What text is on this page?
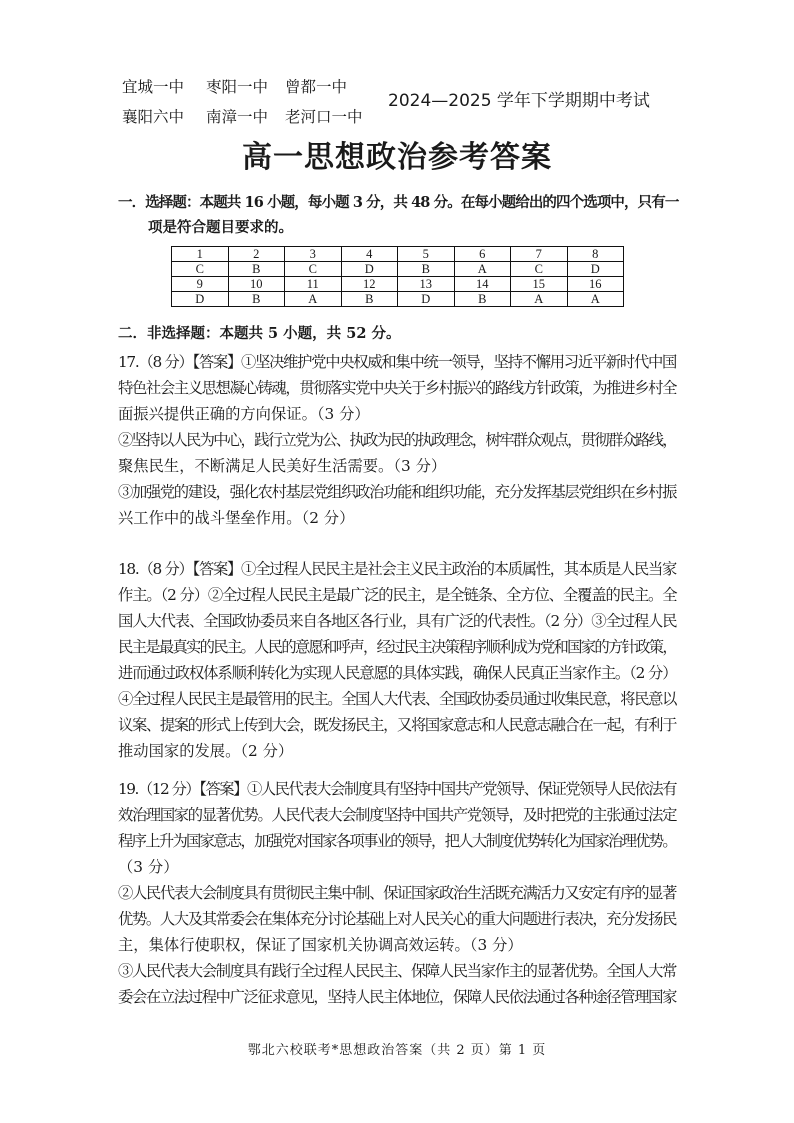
宜城一中 枣阳一中 曾都一中
襄阳六中 南漳一中 老河口一中
2024—2025 学年下学期期中考试
高一思想政治参考答案
一．选择题：本题共 16 小题，每小题 3 分，共 48 分。在每小题给出的四个选项中，只有一
项是符合题目要求的。
1	2	3	4	5	6	7	8
C	B	C	D	B	A	C	D
9	10	11	12	13	14	15	16
D	B	A	B	D	B	A	A
二．非选择题：本题共 5 小题，共 52 分。
17.（8 分）【答案】①坚决维护党中央权威和集中统一领导，坚持不懈用习近平新时代中国
特色社会主义思想凝心铸魂，贯彻落实党中央关于乡村振兴的路线方针政策，为推进乡村全
面振兴提供正确的方向保证。（3 分）
②坚持以人民为中心，践行立党为公、执政为民的执政理念，树牢群众观点，贯彻群众路线，
聚焦民生，不断满足人民美好生活需要。（3 分）
③加强党的建设，强化农村基层党组织政治功能和组织功能，充分发挥基层党组织在乡村振
兴工作中的战斗堡垒作用。（2 分）
18.（8 分）【答案】①全过程人民民主是社会主义民主政治的本质属性，其本质是人民当家
作主。（2 分）②全过程人民民主是最广泛的民主，是全链条、全方位、全覆盖的民主。全
国人大代表、全国政协委员来自各地区各行业，具有广泛的代表性。（2 分）③全过程人民
民主是最真实的民主。人民的意愿和呼声，经过民主决策程序顺利成为党和国家的方针政策，
进而通过政权体系顺利转化为实现人民意愿的具体实践，确保人民真正当家作主。（2 分）
④全过程人民民主是最管用的民主。全国人大代表、全国政协委员通过收集民意，将民意以
议案、提案的形式上传到大会，既发扬民主，又将国家意志和人民意志融合在一起，有利于
推动国家的发展。（2 分）
19.（12 分）【答案】①人民代表大会制度具有坚持中国共产党领导、保证党领导人民依法有
效治理国家的显著优势。人民代表大会制度坚持中国共产党领导，及时把党的主张通过法定
程序上升为国家意志，加强党对国家各项事业的领导，把人大制度优势转化为国家治理优势。
（3 分）
②人民代表大会制度具有贯彻民主集中制、保证国家政治生活既充满活力又安定有序的显著
优势。人大及其常委会在集体充分讨论基础上对人民关心的重大问题进行表决，充分发扬民
主，集体行使职权，保证了国家机关协调高效运转。（3 分）
③人民代表大会制度具有践行全过程人民民主、保障人民当家作主的显著优势。全国人大常
委会在立法过程中广泛征求意见，坚持人民主体地位，保障人民依法通过各种途径管理国家
鄂北六校联考*思想政治答案（共 2 页）第 1 页
